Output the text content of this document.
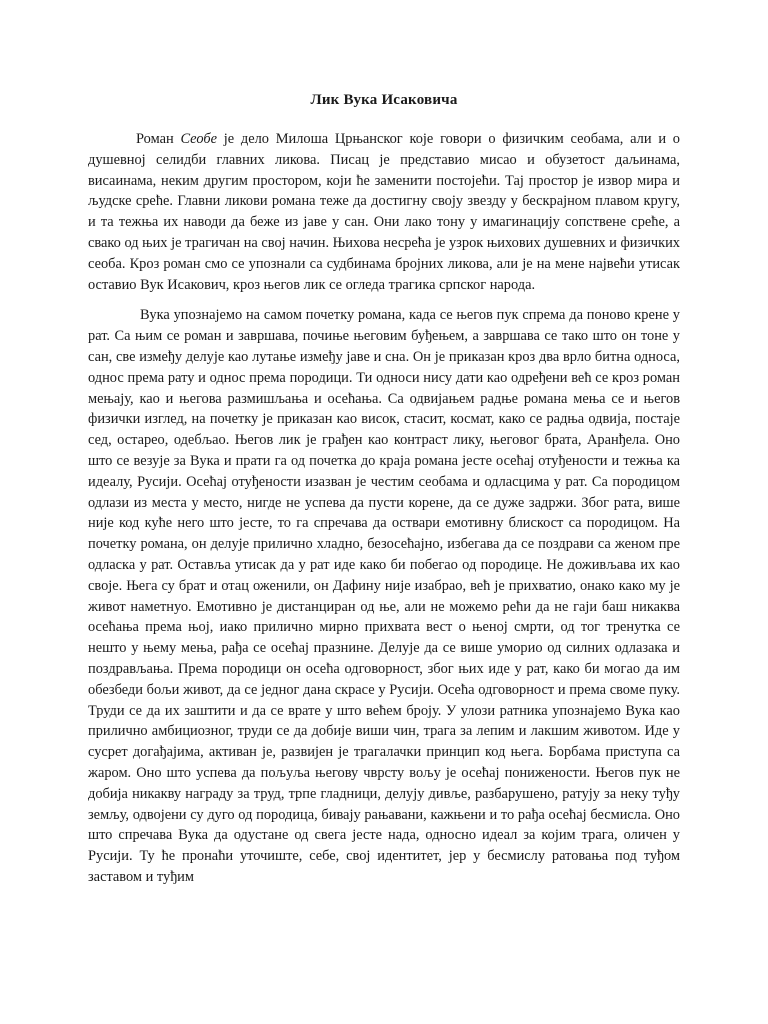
Лик Вука Исаковича

Роман Сеобе је дело Милоша Црњанског које говори о физичким сеобама, али и о душевној селидби главних ликова. Писац је представио мисао и обузетост даљинама, висаинама, неким другим простором, који ће заменити постојећи. Тај простор је извор мира и људске среће. Главни ликови романа теже да достигну своју звезду у бескрајном плавом кругу, и та тежња их наводи да беже из јаве у сан. Они лако тону у имагинацију сопствене среће, а свако од њих је трагичан на свој начин. Њихова несрећа је узрок њихових душевних и физичких сеоба. Кроз роман смо се упознали са судбинама бројних ликова, али је на мене највећи утисак оставио Вук Исакович, кроз његов лик се огледа трагика српског народа.

Вука упознајемо на самом почетку романа, када се његов пук спрема да поново крене у рат. Са њим се роман и завршава, почиње његовим буђењем, а завршава се тако што он тоне у сан, све између делује као лутање између јаве и сна. Он је приказан кроз два врло битна односа, однос према рату и однос према породици. Ти односи нису дати као одређени већ се кроз роман мењају, као и његова размишљања и осећања. Са одвијањем радње романа мења се и његов физички изглед, на почетку је приказан као висок, стасит, космат, како се радња одвија, постаје сед, остарео, одебљао. Његов лик је грађен као контраст лику, његовог брата, Аранђела. Оно што се везује за Вука и прати га од почетка до краја романа јесте осећај отуђености и тежња ка идеалу, Русији. Осећај отуђености изазван је честим сеобама и одласцима у рат. Са породицом одлази из места у место, нигде не успева да пусти корене, да се дуже задржи. Због рата, више није код куће него што јесте, то га спречава да оствари емотивну блискост са породицом. На почетку романа, он делује прилично хладно, безосећајно, избегава да се поздрави са женом пре одласка у рат. Оставља утисак да у рат иде како би побегао од породице. Не доживљава их као своје. Њега су брат и отац оженили, он Дафину није изабрао, већ је прихватио, онако како му је живот наметнуо. Емотивно је дистанциран од ње, али не можемо рећи да не гаји баш никаква осећања према њој, иако прилично мирно прихвата вест о њеној смрти, од тог тренутка се нешто у њему мења, рађа се осећај празнине. Делује да се више уморио од силних одлазака и поздрављања. Према породици он осећа одговорност, због њих иде у рат, како би могао да им обезбеди бољи живот, да се једног дана скрасе у Русији. Осећа одговорност и према своме пуку. Труди се да их заштити и да се врате у што већем броју. У улози ратника упознајемо Вука као прилично амбициозног, труди се да добије виши чин, трага за лепим и лакшим животом. Иде у сусрет догађајима, активан је, развијен је трагалачки принцип код њега. Борбама приступа са жаром. Оно што успева да пољуља његову чврсту вољу је осећај понижености. Његов пук не добија никакву награду за труд, трпе гладници, делују дивље, разбарушено, ратују за неку туђу земљу, одвојени су дуго од породица, бивају рањавани, кажњени и то рађа осећај бесмисла. Оно што спречава Вука да одустане од свега јесте нада, односно идеал за којим трага, оличен у Русији. Ту ће пронаћи уточиште, себе, свој идентитет, јер у бесмислу ратовања под туђом заставом и туђим
